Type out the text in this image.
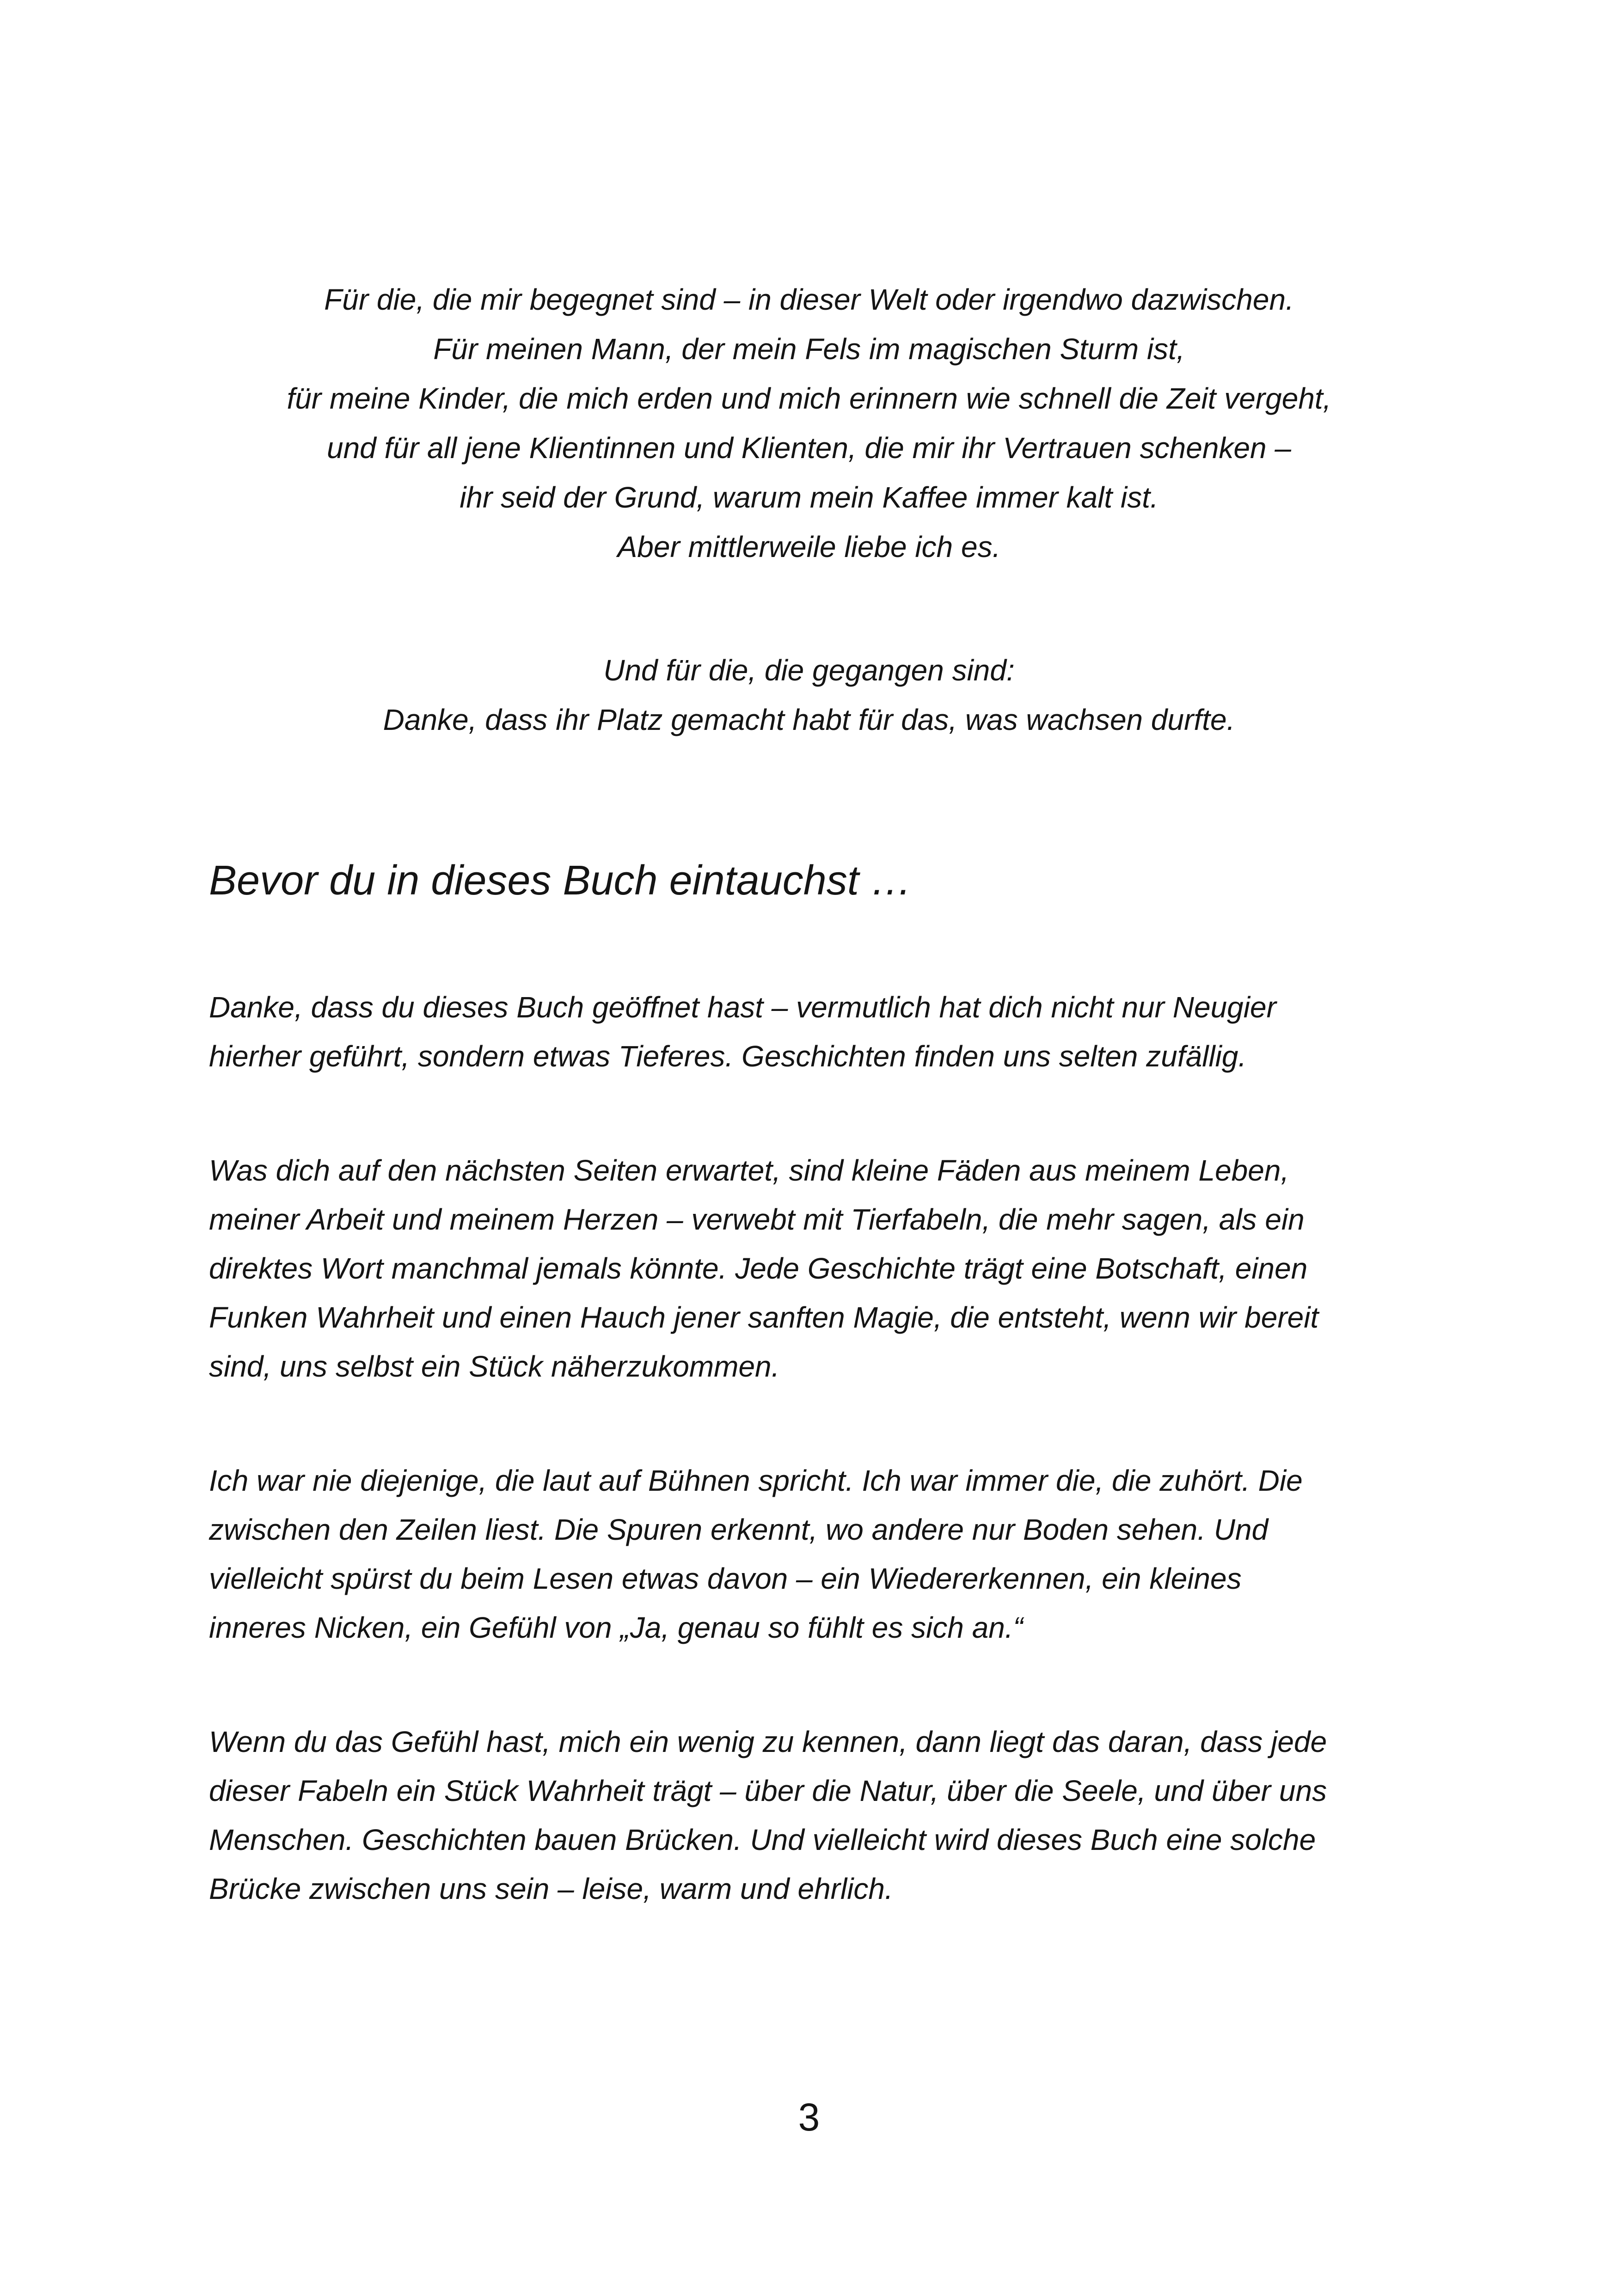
Für die, die mir begegnet sind – in dieser Welt oder irgendwo dazwischen.
Für meinen Mann, der mein Fels im magischen Sturm ist,
für meine Kinder, die mich erden und mich erinnern wie schnell die Zeit vergeht,
und für all jene Klientinnen und Klienten, die mir ihr Vertrauen schenken –
ihr seid der Grund, warum mein Kaffee immer kalt ist.
Aber mittlerweile liebe ich es.
Und für die, die gegangen sind:
Danke, dass ihr Platz gemacht habt für das, was wachsen durfte.
Bevor du in dieses Buch eintauchst …

Danke, dass du dieses Buch geöffnet hast – vermutlich hat dich nicht nur Neugier
hierher geführt, sondern etwas Tieferes. Geschichten finden uns selten zufällig.

Was dich auf den nächsten Seiten erwartet, sind kleine Fäden aus meinem Leben,
meiner Arbeit und meinem Herzen – verwebt mit Tierfabeln, die mehr sagen, als ein
direktes Wort manchmal jemals könnte. Jede Geschichte trägt eine Botschaft, einen
Funken Wahrheit und einen Hauch jener sanften Magie, die entsteht, wenn wir bereit
sind, uns selbst ein Stück näherzukommen.

Ich war nie diejenige, die laut auf Bühnen spricht. Ich war immer die, die zuhört. Die
zwischen den Zeilen liest. Die Spuren erkennt, wo andere nur Boden sehen. Und
vielleicht spürst du beim Lesen etwas davon – ein Wiedererkennen, ein kleines
inneres Nicken, ein Gefühl von „Ja, genau so fühlt es sich an.“

Wenn du das Gefühl hast, mich ein wenig zu kennen, dann liegt das daran, dass jede
dieser Fabeln ein Stück Wahrheit trägt – über die Natur, über die Seele, und über uns
Menschen. Geschichten bauen Brücken. Und vielleicht wird dieses Buch eine solche
Brücke zwischen uns sein – leise, warm und ehrlich.

3
